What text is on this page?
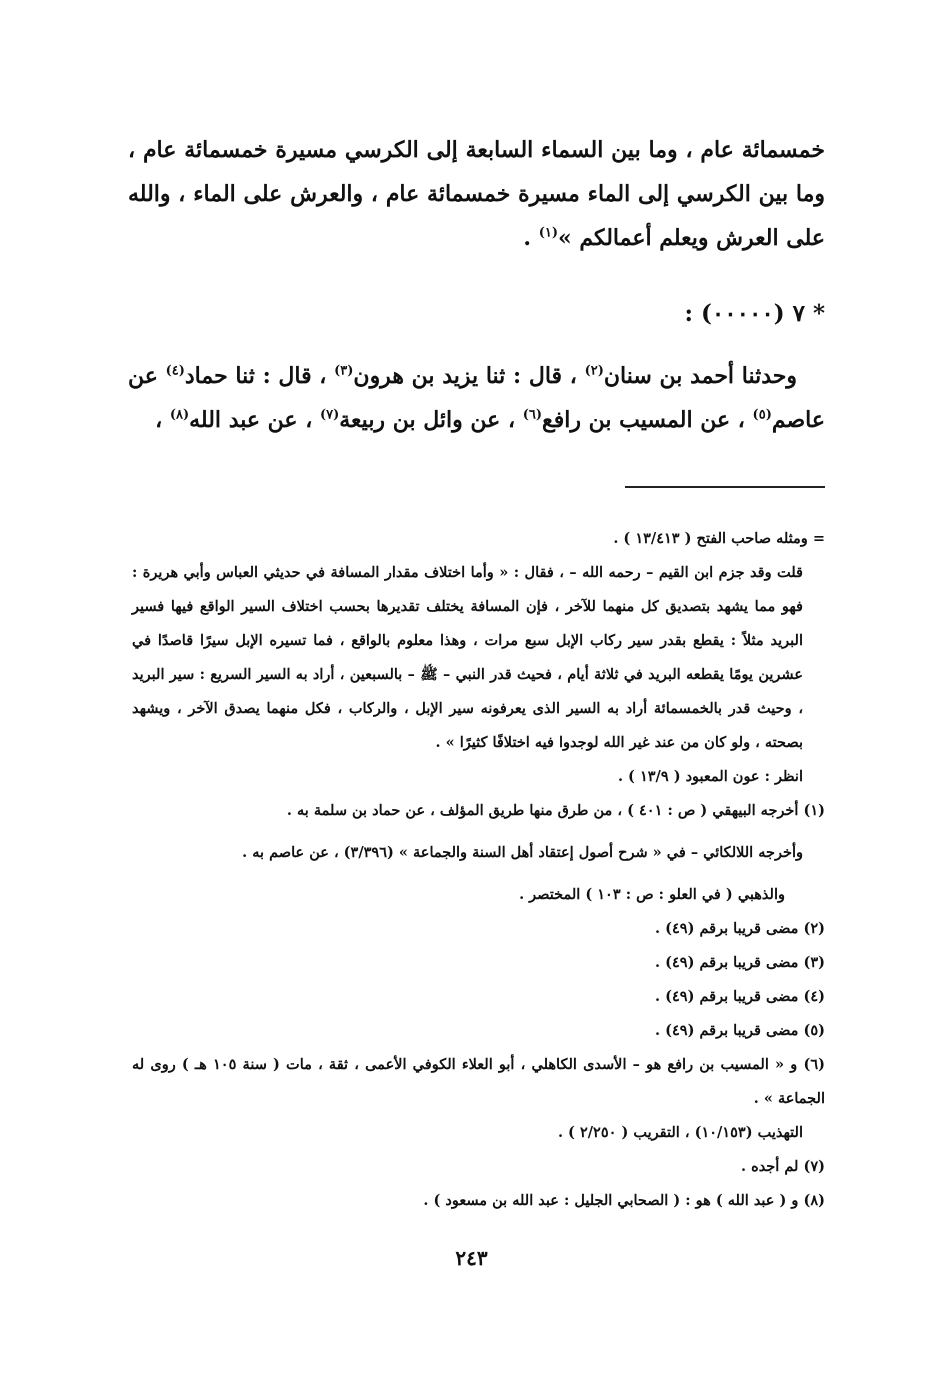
خمسمائة عام ، وما بين السماء السابعة إلى الكرسي مسيرة خمسمائة عام ، وما بين الكرسي إلى الماء مسيرة خمسمائة عام ، والعرش على الماء ، والله على العرش ويعلم أعمالكم »$^{(١)}$ .

* ٧ (٠٠٠٠٠) :

وحدثنا أحمد بن سنان$^{(٢)}$ ، قال : ثنا يزيد بن هرون$^{(٣)}$ ، قال : ثنا حماد$^{(٤)}$ عن عاصم$^{(٥)}$ ، عن المسيب بن رافع$^{(٦)}$ ، عن وائل بن ربيعة$^{(٧)}$ ، عن عبد الله$^{(٨)}$ ،

= ومثله صاحب الفتح ( ١٣/٤١٣ ) .

قلت وقد جزم ابن القيم – رحمه الله – ، فقال : « وأما اختلاف مقدار المسافة في حديثي العباس وأبي هريرة : فهو مما يشهد بتصديق كل منهما للآخر ، فإن المسافة يختلف تقديرها بحسب اختلاف السير الواقع فيها فسير البريد مثلاً : يقطع بقدر سير ركاب الإبل سبع مرات ، وهذا معلوم بالواقع ، فما تسيره الإبل سيرًا قاصدًا في عشرين يومًا يقطعه البريد في ثلاثة أيام ، فحيث قدر النبي – ﷺ – بالسبعين ، أراد به السير السريع : سير البريد ، وحيث قدر بالخمسمائة أراد به السير الذى يعرفونه سير الإبل ، والركاب ، فكل منهما يصدق الآخر ، ويشهد بصحته ، ولو كان من عند غير الله لوجدوا فيه اختلافًا كثيرًا » .

انظر : عون المعبود ( ١٣/٩ ) .

(١) أخرجه البيهقي ( ص : ٤٠١ ) ، من طرق منها طريق المؤلف ، عن حماد بن سلمة به .

وأخرجه اللالكائي – في « شرح أصول إعتقاد أهل السنة والجماعة » (٣/٣٩٦) ، عن عاصم به .

والذهبي ( في العلو : ص : ١٠٣ ) المختصر .

(٢) مضى قريبا برقم (٤٩) .

(٣) مضى قريبا برقم (٤٩) .

(٤) مضى قريبا برقم (٤٩) .

(٥) مضى قريبا برقم (٤٩) .

(٦) و « المسيب بن رافع هو – الأسدى الكاهلي ، أبو العلاء الكوفي الأعمى ، ثقة ، مات ( سنة ١٠٥ هـ ) روى له الجماعة » .

التهذيب (١٠/١٥٣) ، التقريب ( ٢/٢٥٠ ) .

(٧) لم أجده .

(٨) و ( عبد الله ) هو : ( الصحابي الجليل : عبد الله بن مسعود ) .

٢٤٣
